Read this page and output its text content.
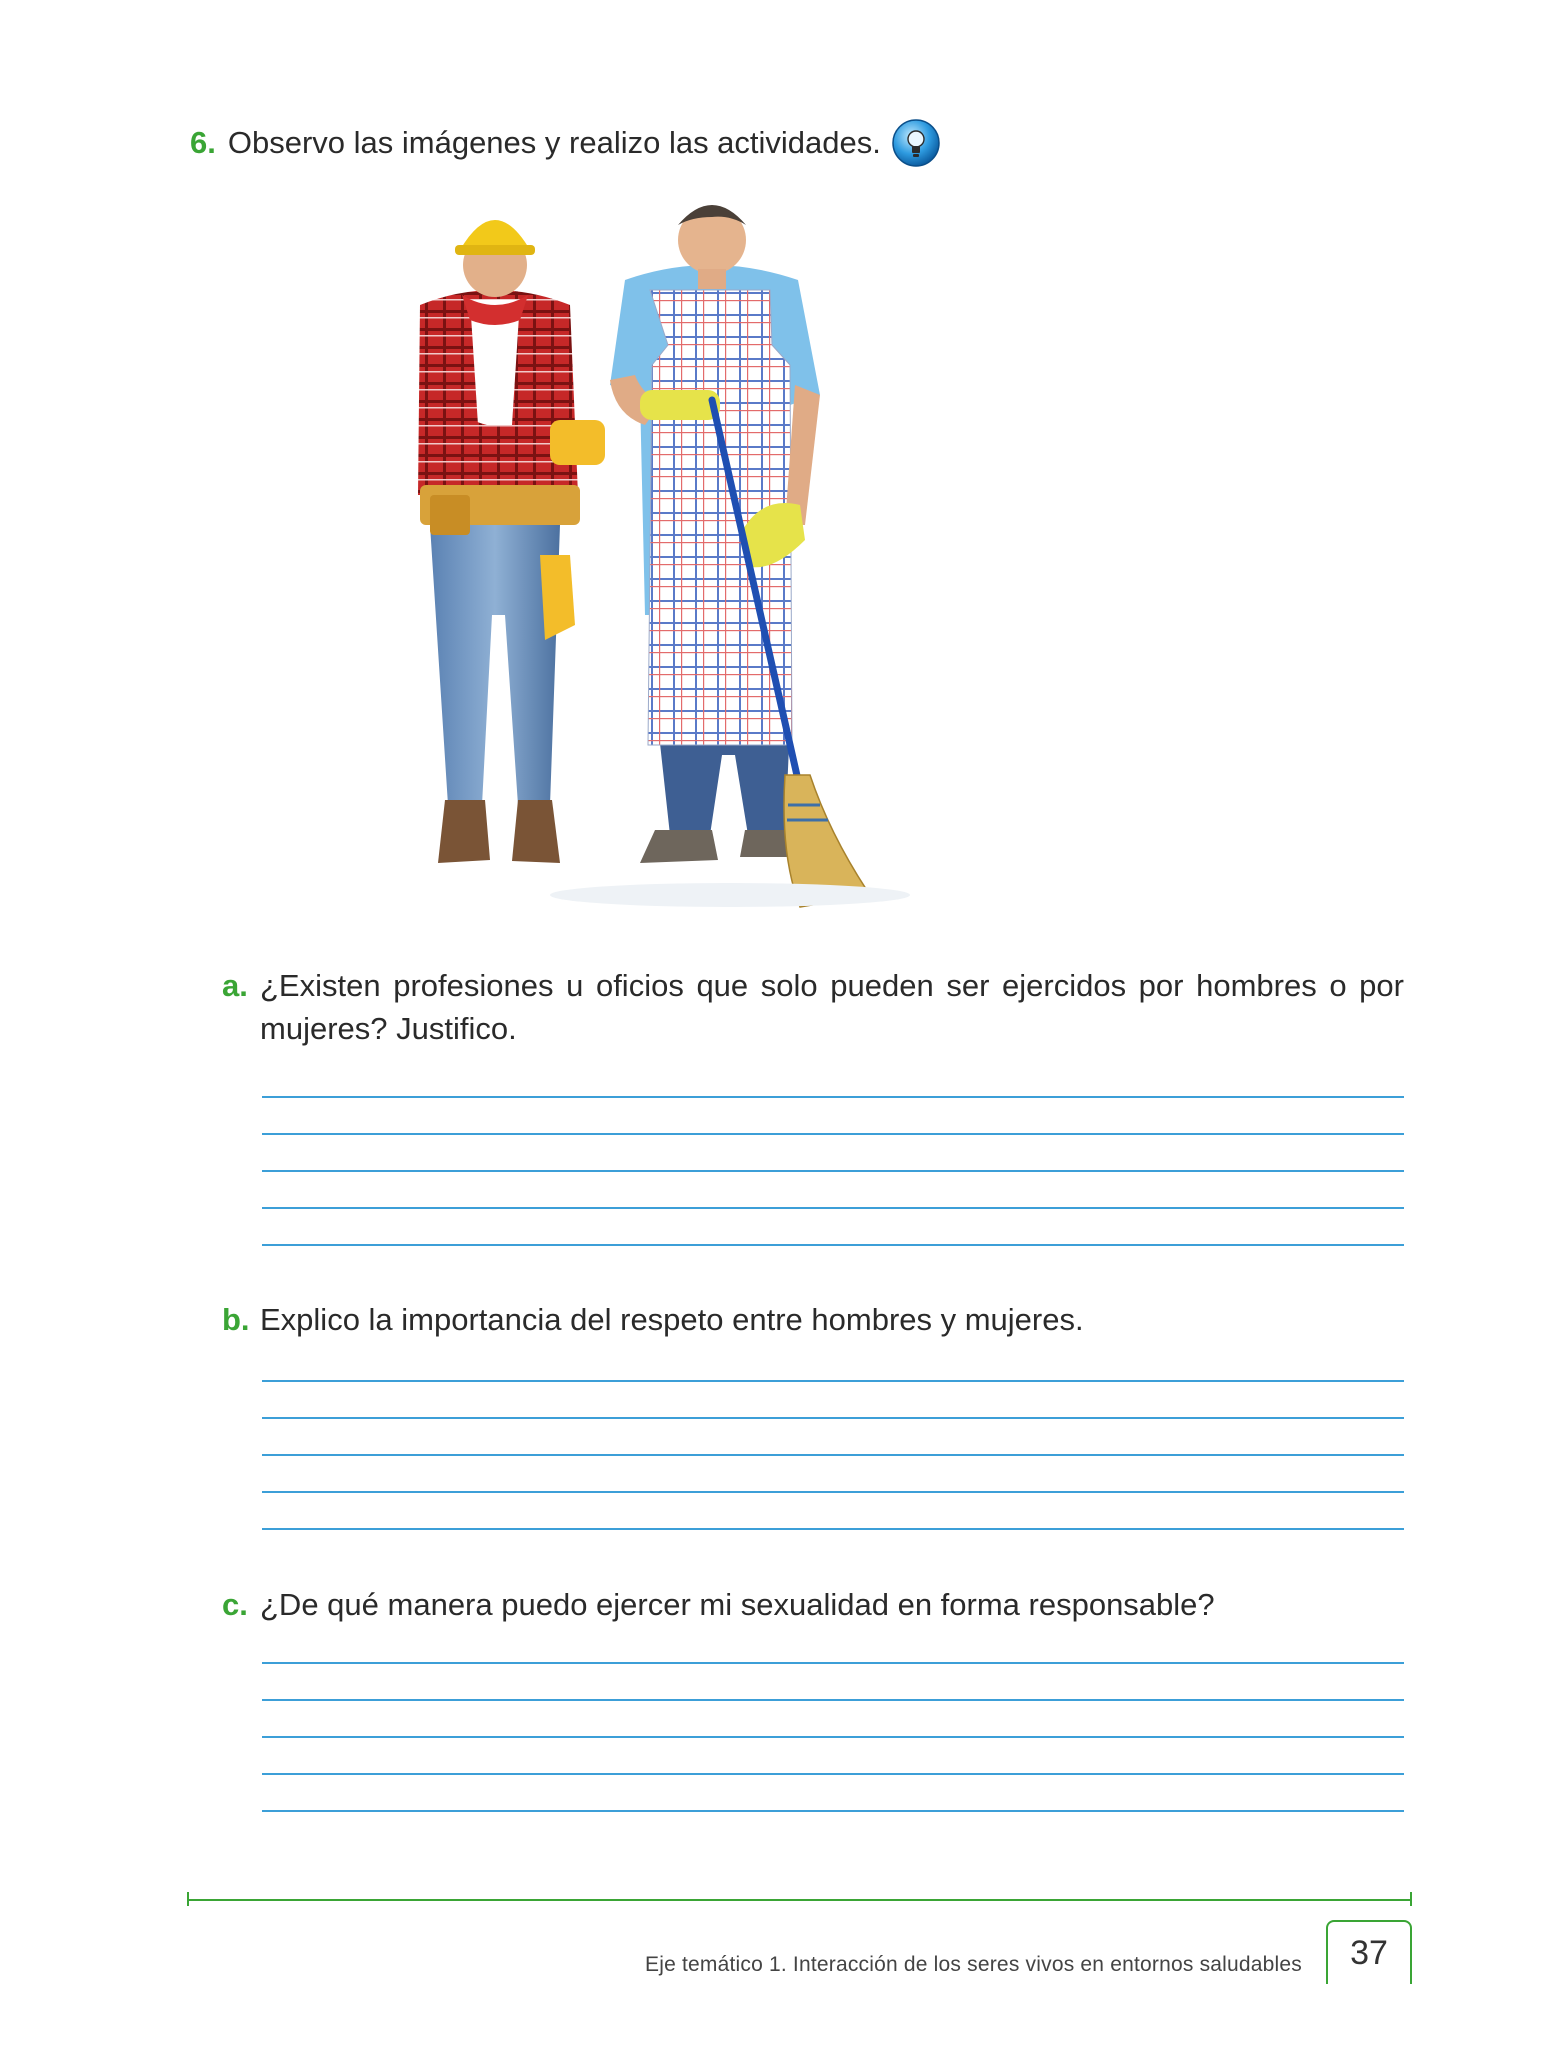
6. Observo las imágenes y realizo las actividades.
a. ¿Existen profesiones u oficios que solo pueden ser ejercidos por hombres o por mujeres? Justifico.
b. Explico la importancia del respeto entre hombres y mujeres.
c. ¿De qué manera puedo ejercer mi sexualidad en forma responsable?
Eje temático 1. Interacción de los seres vivos en entornos saludables	37
